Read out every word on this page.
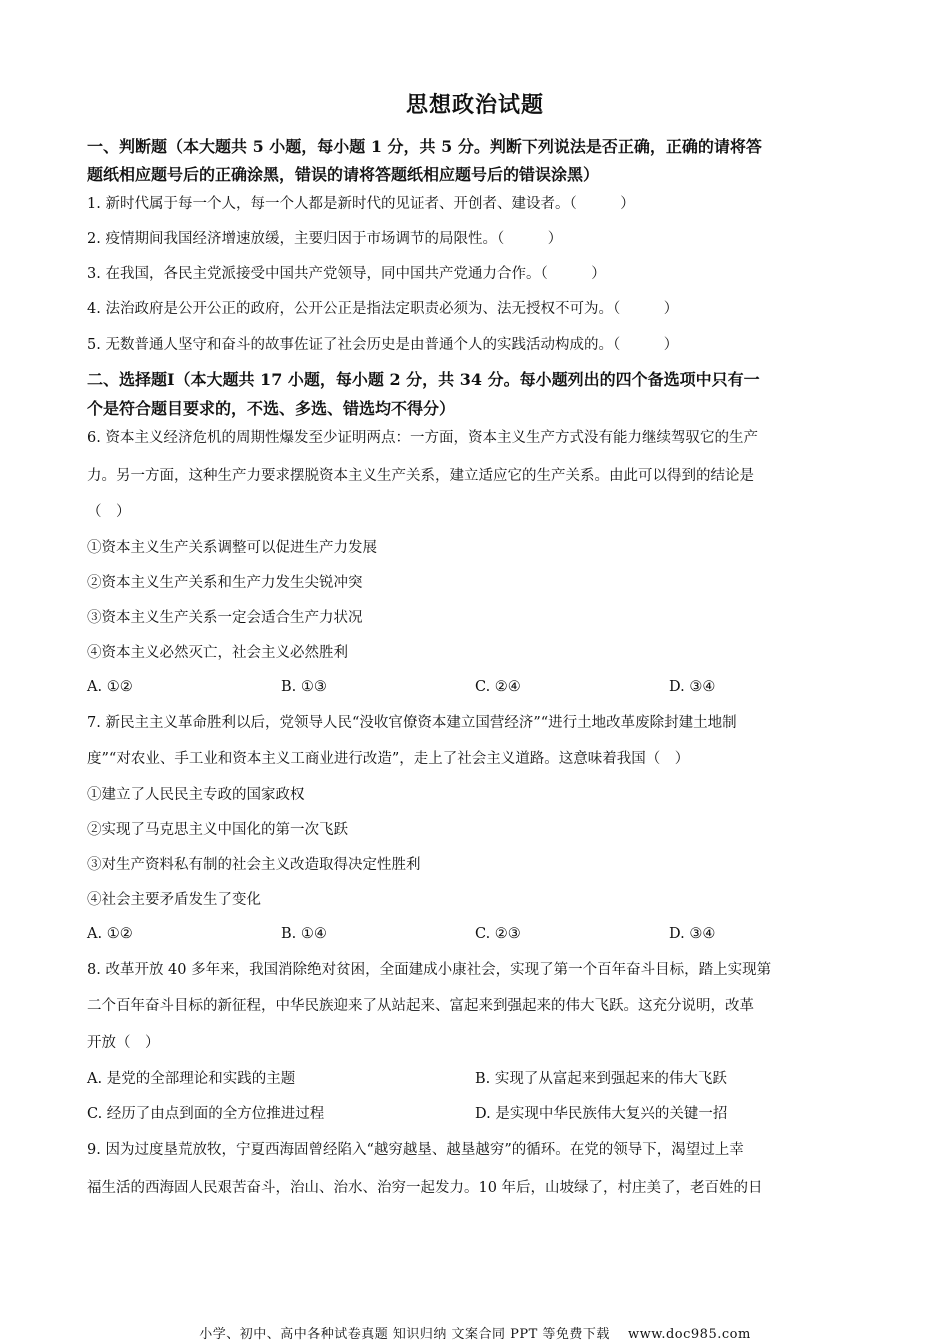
思想政治试题
一、判断题（本大题共 5 小题，每小题 1 分，共 5 分。判断下列说法是否正确，正确的请将答
题纸相应题号后的正确涂黑，错误的请将答题纸相应题号后的错误涂黑）
1. 新时代属于每一个人，每一个人都是新时代的见证者、开创者、建设者。（　　　）
2. 疫情期间我国经济增速放缓，主要归因于市场调节的局限性。（　　　）
3. 在我国，各民主党派接受中国共产党领导，同中国共产党通力合作。（　　　）
4. 法治政府是公开公正的政府，公开公正是指法定职责必须为、法无授权不可为。（　　　）
5. 无数普通人坚守和奋斗的故事佐证了社会历史是由普通个人的实践活动构成的。（　　　）
二、选择题Ⅰ（本大题共 17 小题，每小题 2 分，共 34 分。每小题列出的四个备选项中只有一
个是符合题目要求的，不选、多选、错选均不得分）
6. 资本主义经济危机的周期性爆发至少证明两点：一方面，资本主义生产方式没有能力继续驾驭它的生产
力。另一方面，这种生产力要求摆脱资本主义生产关系，建立适应它的生产关系。由此可以得到的结论是
（　）
①资本主义生产关系调整可以促进生产力发展
②资本主义生产关系和生产力发生尖锐冲突
③资本主义生产关系一定会适合生产力状况
④资本主义必然灭亡，社会主义必然胜利
A. ①②	B. ①③	C. ②④	D. ③④
7. 新民主主义革命胜利以后，党领导人民“没收官僚资本建立国营经济”“进行土地改革废除封建土地制
度”“对农业、手工业和资本主义工商业进行改造”，走上了社会主义道路。这意味着我国（　）
①建立了人民民主专政的国家政权
②实现了马克思主义中国化的第一次飞跃
③对生产资料私有制的社会主义改造取得决定性胜利
④社会主要矛盾发生了变化
A. ①②	B. ①④	C. ②③	D. ③④
8. 改革开放 40 多年来，我国消除绝对贫困，全面建成小康社会，实现了第一个百年奋斗目标，踏上实现第
二个百年奋斗目标的新征程，中华民族迎来了从站起来、富起来到强起来的伟大飞跃。这充分说明，改革
开放（　）
A. 是党的全部理论和实践的主题	B. 实现了从富起来到强起来的伟大飞跃
C. 经历了由点到面的全方位推进过程	D. 是实现中华民族伟大复兴的关键一招
9. 因为过度垦荒放牧，宁夏西海固曾经陷入“越穷越垦、越垦越穷”的循环。在党的领导下，渴望过上幸
福生活的西海固人民艰苦奋斗，治山、治水、治穷一起发力。10 年后，山坡绿了，村庄美了，老百姓的日
小学、初中、高中各种试卷真题 知识归纳 文案合同 PPT 等免费下载　 www.doc985.com
